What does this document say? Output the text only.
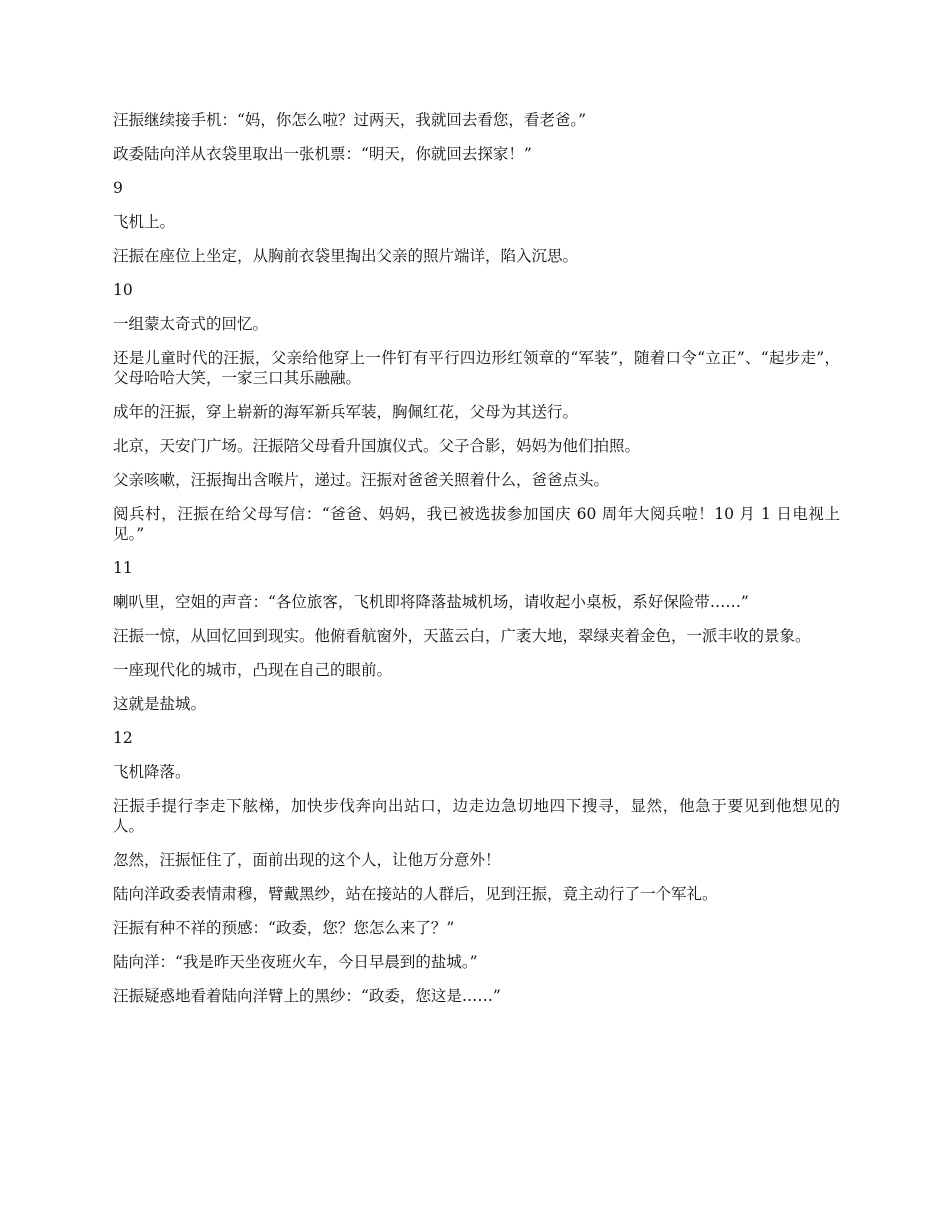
汪振继续接手机：“妈，你怎么啦？过两天，我就回去看您，看老爸。”

政委陆向洋从衣袋里取出一张机票：“明天，你就回去探家！”

9

飞机上。

汪振在座位上坐定，从胸前衣袋里掏出父亲的照片端详，陷入沉思。

10

一组蒙太奇式的回忆。

还是儿童时代的汪振，父亲给他穿上一件钉有平行四边形红领章的“军装”，随着口令“立正”、“起步走”，父母哈哈大笑，一家三口其乐融融。

成年的汪振，穿上崭新的海军新兵军装，胸佩红花，父母为其送行。

北京，天安门广场。汪振陪父母看升国旗仪式。父子合影，妈妈为他们拍照。

父亲咳嗽，汪振掏出含喉片，递过。汪振对爸爸关照着什么，爸爸点头。

阅兵村，汪振在给父母写信：“爸爸、妈妈，我已被选拔参加国庆 60 周年大阅兵啦！10 月 1 日电视上见。”

11

喇叭里，空姐的声音：“各位旅客，飞机即将降落盐城机场，请收起小桌板，系好保险带……”

汪振一惊，从回忆回到现实。他俯看航窗外，天蓝云白，广袤大地，翠绿夹着金色，一派丰收的景象。

一座现代化的城市，凸现在自己的眼前。

这就是盐城。

12

飞机降落。

汪振手提行李走下舷梯，加快步伐奔向出站口，边走边急切地四下搜寻，显然，他急于要见到他想见的人。

忽然，汪振怔住了，面前出现的这个人，让他万分意外！

陆向洋政委表情肃穆，臂戴黑纱，站在接站的人群后，见到汪振，竟主动行了一个军礼。

汪振有种不祥的预感：“政委，您？您怎么来了？”

陆向洋：“我是昨天坐夜班火车，今日早晨到的盐城。”

汪振疑惑地看着陆向洋臂上的黑纱：“政委，您这是……”
